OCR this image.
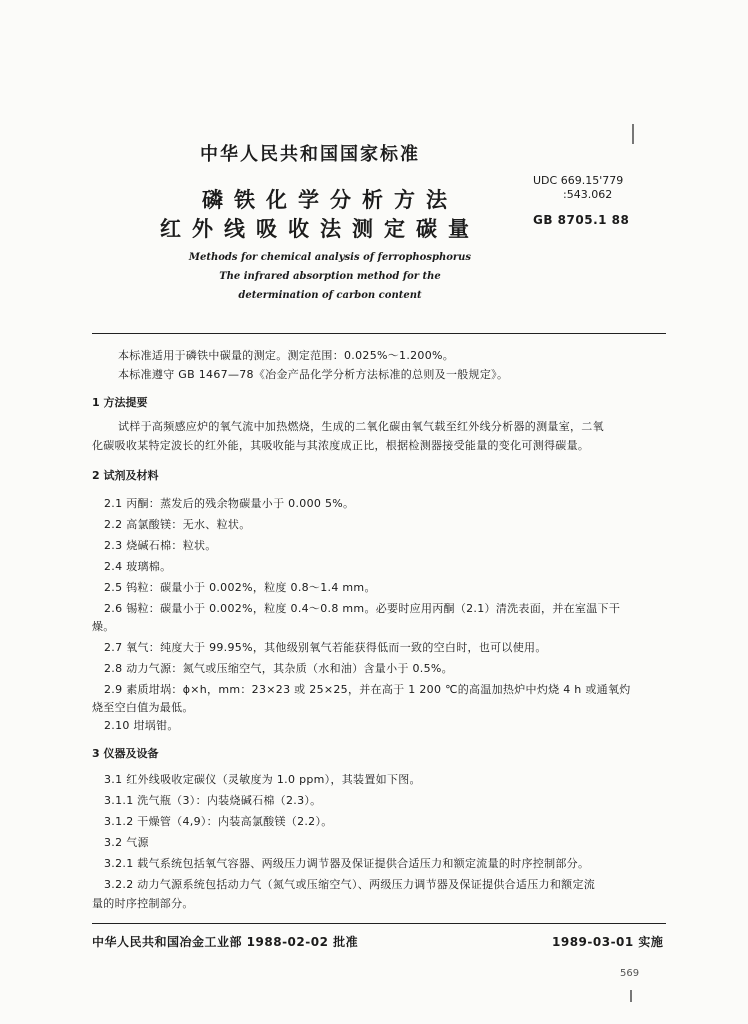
中华人民共和国国家标准
磷铁化学分析方法
红外线吸收法测定碳量
UDC 669.15'779
:543.062
GB 8705.1 88
Methods for chemical analysis of ferrophosphorus
The infrared absorption method for the
determination of carbon content
本标准适用于磷铁中碳量的测定。测定范围：0.025%～1.200%。
本标准遵守 GB 1467—78《冶金产品化学分析方法标准的总则及一般规定》。
1 方法提要
试样于高频感应炉的氧气流中加热燃烧，生成的二氧化碳由氧气载至红外线分析器的测量室，二氧
化碳吸收某特定波长的红外能，其吸收能与其浓度成正比，根据检测器接受能量的变化可测得碳量。
2 试剂及材料
2.1 丙酮：蒸发后的残余物碳量小于 0.000 5%。
2.2 高氯酸镁：无水、粒状。
2.3 烧碱石棉：粒状。
2.4 玻璃棉。
2.5 钨粒：碳量小于 0.002%，粒度 0.8～1.4 mm。
2.6 锡粒：碳量小于 0.002%，粒度 0.4～0.8 mm。必要时应用丙酮（2.1）清洗表面，并在室温下干
燥。
2.7 氧气：纯度大于 99.95%，其他级别氧气若能获得低而一致的空白时，也可以使用。
2.8 动力气源：氮气或压缩空气，其杂质（水和油）含量小于 0.5%。
2.9 素质坩埚：ϕ×h，mm：23×23 或 25×25，并在高于 1 200 ℃的高温加热炉中灼烧 4 h 或通氧灼
烧至空白值为最低。
2.10 坩埚钳。
3 仪器及设备
3.1 红外线吸收定碳仪（灵敏度为 1.0 ppm），其装置如下图。
3.1.1 洗气瓶（3）：内装烧碱石棉（2.3）。
3.1.2 干燥管（4,9）：内装高氯酸镁（2.2）。
3.2 气源
3.2.1 载气系统包括氧气容器、两级压力调节器及保证提供合适压力和额定流量的时序控制部分。
3.2.2 动力气源系统包括动力气（氮气或压缩空气）、两级压力调节器及保证提供合适压力和额定流
量的时序控制部分。
中华人民共和国冶金工业部 1988-02-02 批准	1989-03-01 实施
569
